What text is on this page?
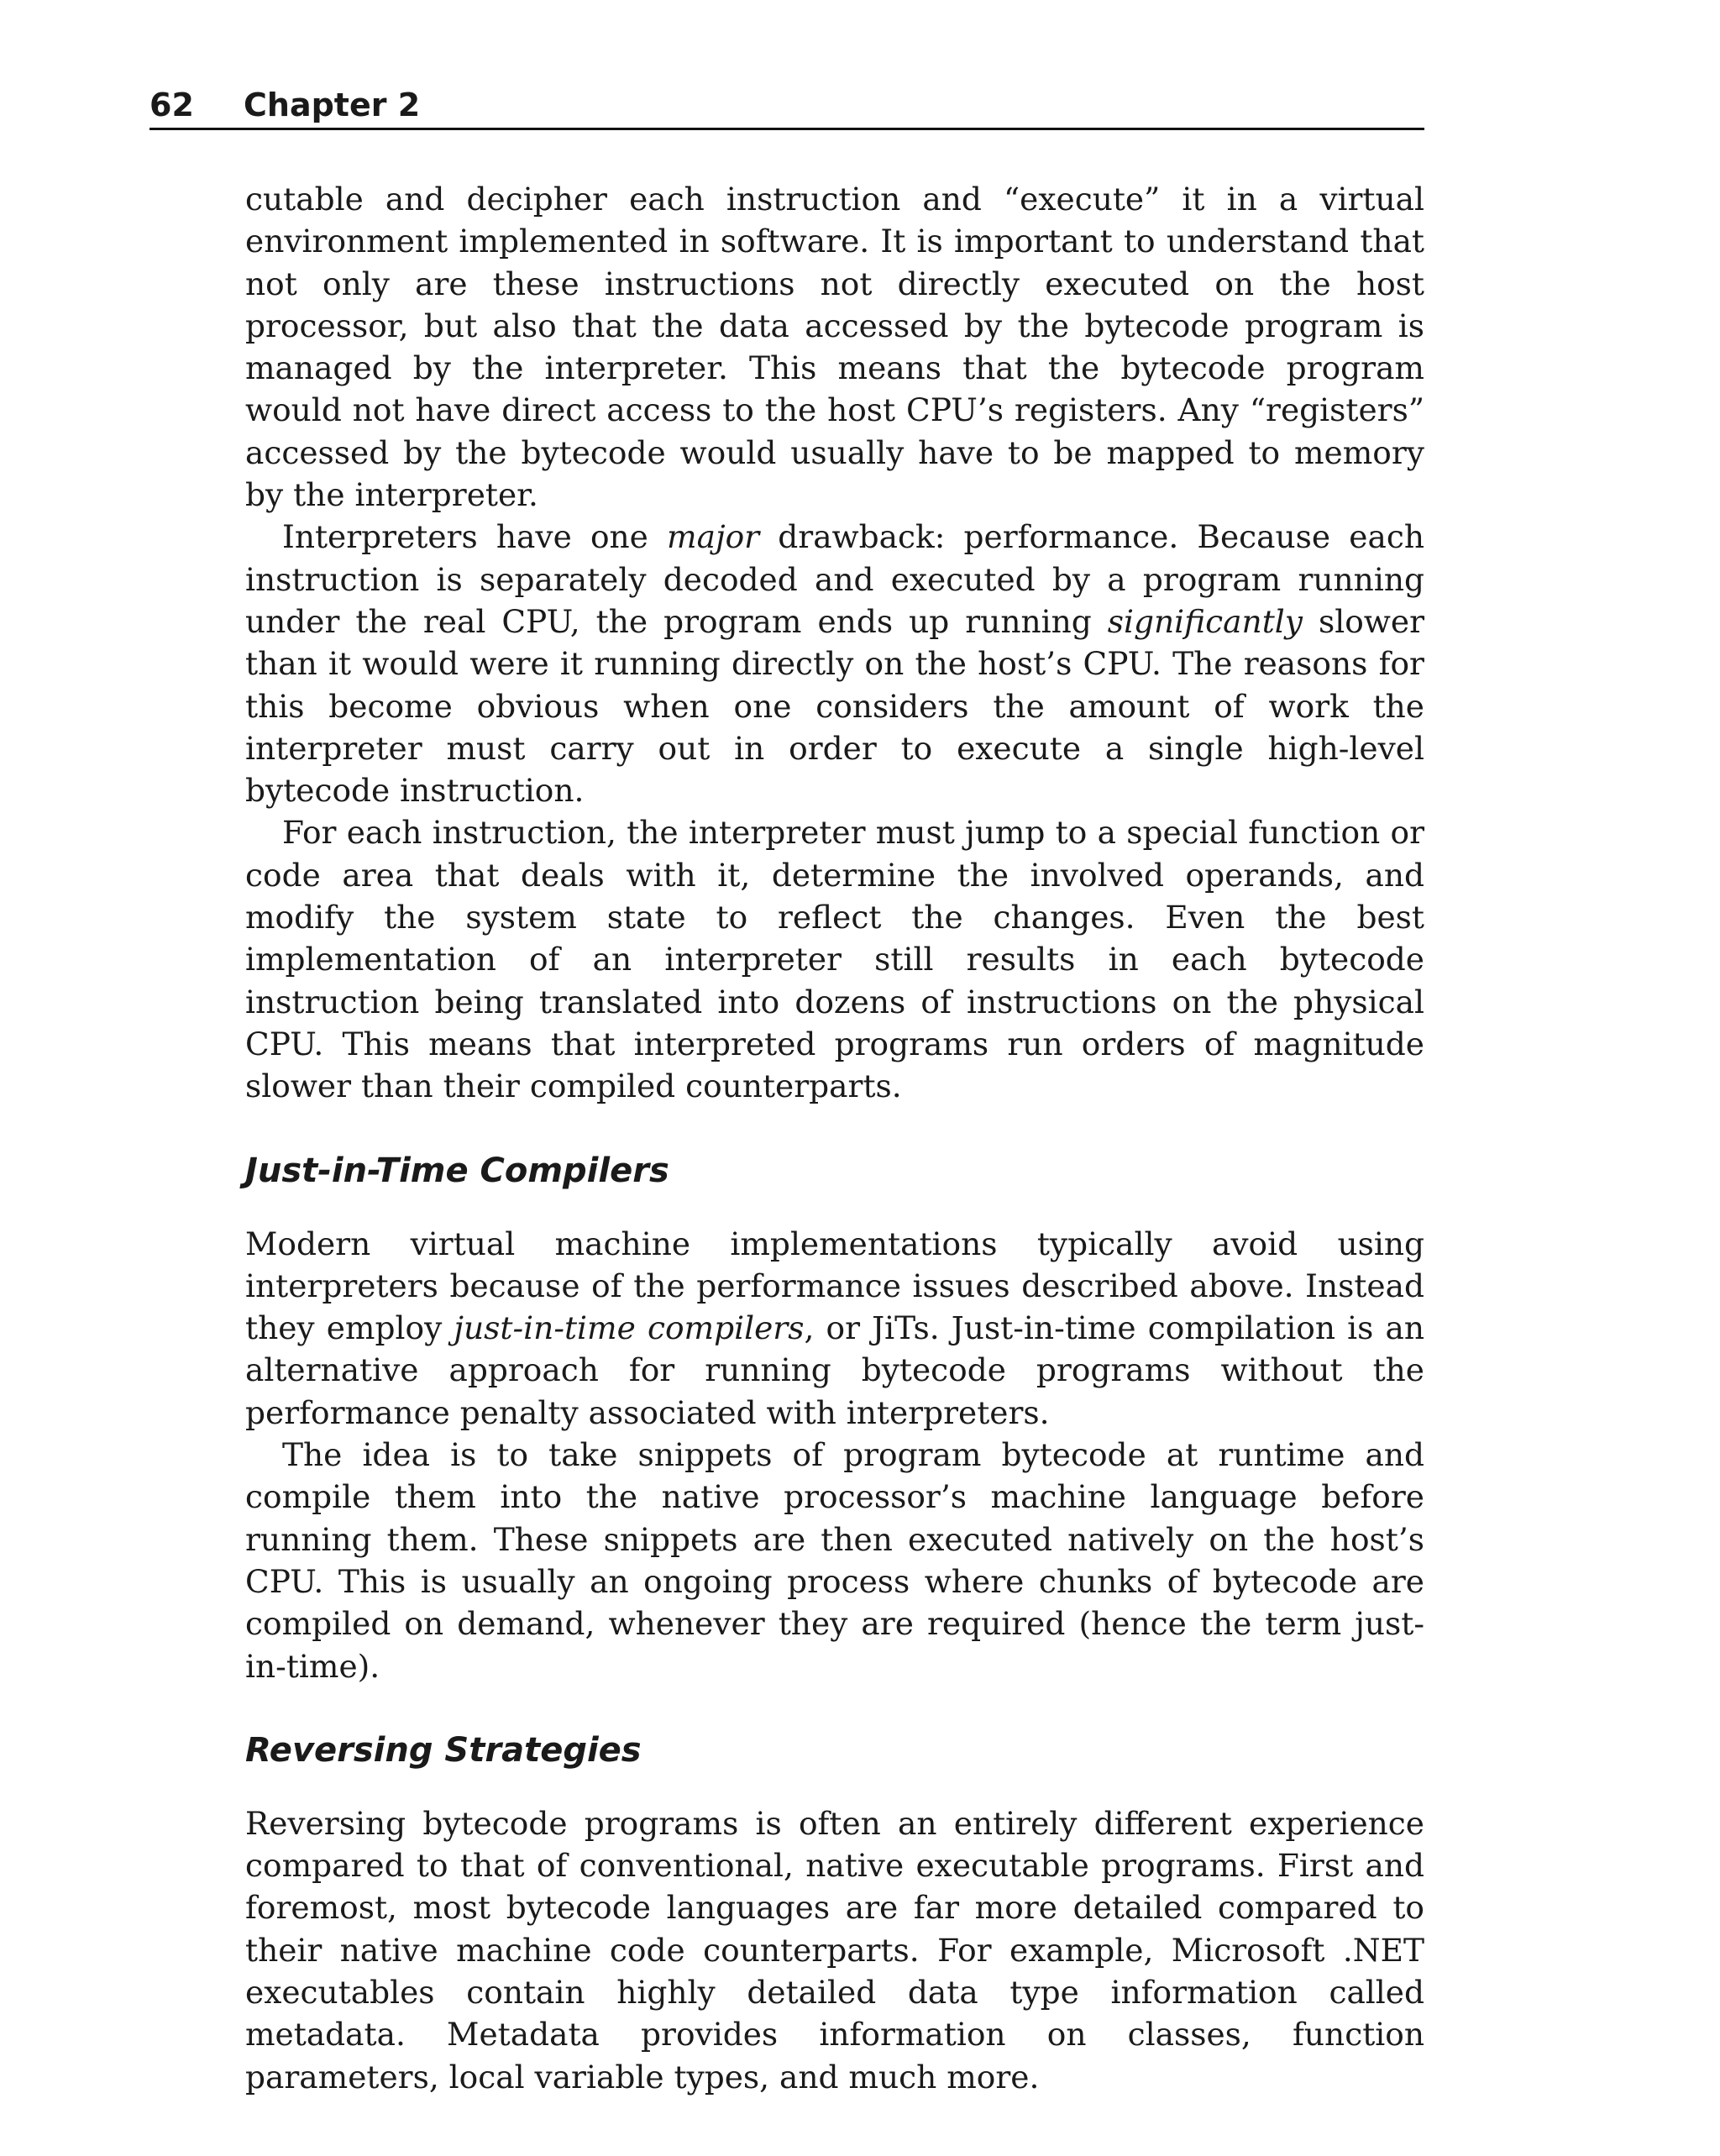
62 Chapter 2

cutable and decipher each instruction and “execute” it in a virtual environment implemented in software. It is important to understand that not only are these instructions not directly executed on the host processor, but also that the data accessed by the bytecode program is managed by the interpreter. This means that the bytecode program would not have direct access to the host CPU’s registers. Any “registers” accessed by the bytecode would usually have to be mapped to memory by the interpreter.

Interpreters have one major drawback: performance. Because each instruction is separately decoded and executed by a program running under the real CPU, the program ends up running significantly slower than it would were it running directly on the host’s CPU. The reasons for this become obvious when one considers the amount of work the interpreter must carry out in order to execute a single high-level bytecode instruction.

For each instruction, the interpreter must jump to a special function or code area that deals with it, determine the involved operands, and modify the system state to reflect the changes. Even the best implementation of an interpreter still results in each bytecode instruction being translated into dozens of instructions on the physical CPU. This means that interpreted programs run orders of magnitude slower than their compiled counterparts.

Just-in-Time Compilers

Modern virtual machine implementations typically avoid using interpreters because of the performance issues described above. Instead they employ just-in-time compilers, or JiTs. Just-in-time compilation is an alternative approach for running bytecode programs without the performance penalty associated with interpreters.

The idea is to take snippets of program bytecode at runtime and compile them into the native processor’s machine language before running them. These snippets are then executed natively on the host’s CPU. This is usually an ongoing process where chunks of bytecode are compiled on demand, whenever they are required (hence the term just-in-time).

Reversing Strategies

Reversing bytecode programs is often an entirely different experience compared to that of conventional, native executable programs. First and foremost, most bytecode languages are far more detailed compared to their native machine code counterparts. For example, Microsoft .NET executables contain highly detailed data type information called metadata. Metadata provides information on classes, function parameters, local variable types, and much more.
